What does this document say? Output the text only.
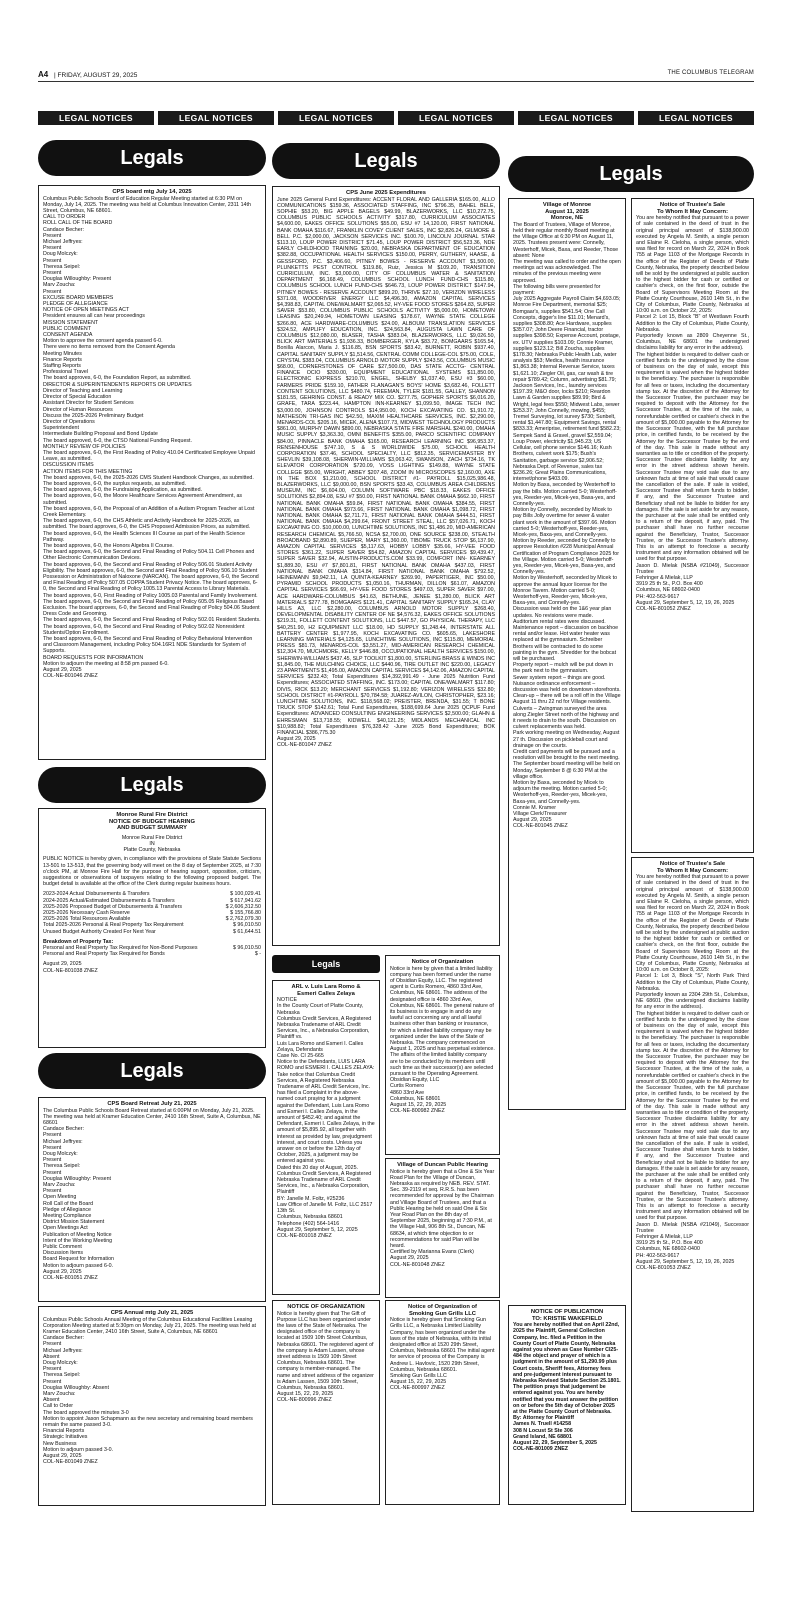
A4 | FRIDAY, AUGUST 29, 2025	THE COLUMBUS TELEGRAM
LEGAL NOTICES	LEGAL NOTICES	LEGAL NOTICES	LEGAL NOTICES	LEGAL NOTICES	LEGAL NOTICES
Legals	Legals
Legals
Legals
Legals
Legals
CPS board mtg July 14, 2025

Columbus Public Schools Board of Education Regular Meeting started at 6:30 PM on Monday, July 14, 2025. The meeting was held at Columbus Innovation Center, 2311 14th Street, Columbus, NE 68601.

CALL TO ORDER

ROLL CALL OF THE BOARD

Candace Becher:

Present

Michael Jeffryes:

Present

Doug Molczyk:

Present

Theresa Seipel:

Present

Douglas Willoughby: Present

Marv Zoucha:

Present

EXCUSE BOARD MEMBERS

PLEDGE OF ALLEGIANCE

NOTICE OF OPEN MEETINGS ACT

President ensures all can hear proceedings

MISSION STATEMENT

PUBLIC COMMENT

CONSENT AGENDA

Motion to approve the consent agenda passed 6-0.

There were no items removed from the Consent Agenda

Meeting Minutes

Finance Reports

Staffing Reports

Professional Travel

The board approves, 6-0, the Foundation Report, as submitted.

DIRECTOR & SUPERINTENDENTS REPORTS OR UPDATES

Director of Teaching and Learning

Director of Special Education

Assistant Director for Student Services

Director of Human Resources

Discuss the 2025-2026 Preliminary Budget

Director of Operations

Superintendent

Intermediate Building Proposal and Bond Update

The board approved, 6-0, the CTSO National Funding Request.

MONTHLY REVIEW OF POLICIES

The board approves, 6-0, the First Reading of Policy 410.04 Certificated Employee Unpaid Leave, as submitted.

DISCUSSION ITEMS

ACTION ITEMS FOR THIS MEETING

The board approves, 6-0, the 2025-2026 CMS Student Handbook Changes, as submitted.

The board approves, 6-0, the surplus requests, as submitted.

The board approves, 6-0, the Fundraising Application, as submitted.

The board approves, 6-0, the Moore Healthcare Services Agreement Amendment, as submitted.

The board approves, 6-0, the Proposal of an Addition of a Autism Program Teacher at Lost Creek Elementary.

The board approves, 6-0, the CHS Athletic and Activity Handbook for 2025-2026, as submitted. The board approves, 6-0, the CHS Proposed Admission Prices, as submitted.

The board approves, 6-0, the Health Sciences III Course as part of the Health Science Pathway.

The board approves, 6-0, the Honors Algebra II Course.

The board approves, 6-0, the Second and Final Reading of Policy 504.11 Cell Phones and Other Electronic Communication Devices.

The board approves, 6-0, the Second and Final Reading of Policy 506.01 Student Activity Eligibility. The board approves, 6-0, the Second and Final Reading of Policy 506.10 Student Possession or Administration of Naloxone (NARCAN). The board approves, 6-0, the Second and Final Reading of Policy 507.05 COPPA Student Privacy Notice. The board approves, 6-0, the Second and Final Reading of Policy 1005.13 Parental Access to Library Materials.

The board approves, 6-0, First Reading of Policy 1005.03 Parental and Family Involvement. The board approves, 6-0, the Second and Final Reading of Policy 605.05 Religious Based Exclusion. The board approves, 6-0, the Second and Final Reading of Policy 504.06 Student Dress Code and Grooming.

The board approves, 6-0, the Second and Final Reading of Policy 502.01 Resident Students.

The board approves, 6-0, the Second and Final Reading of Policy 502.02 Nonresident Students/Option Enrollment.

The board approves, 6-0, the Second and Final Reading of Policy Behavioral Intervention and Classroom Management, including Policy 504.16R1 NDE Standards for System of Supports.

BOARD REQUESTS FOR INFORMATION

Motion to adjourn the meeting at 8:58 pm passed 6-0.

August 29, 2025

COL-NE-801046 ZNEZ

Monroe Rural Fire District
NOTICE OF BUDGET HEARING
AND BUDGET SUMMARY

Monroe Rural Fire District
IN
Platte County, Nebraska

PUBLIC NOTICE is hereby given, in compliance with the provisions of State Statute Sections 13-501 to 13-513, that the governing body will meet on the 8 day of September 2025, at 7:30 o'clock PM, at Monroe Fire Hall for the purpose of hearing support, opposition, criticism, suggestions or observations of taxpayers relating to the following proposed budget. The budget detail is available at the office of the Clerk during regular business hours.

2023-2024 Actual Disbursements & Transfers	$ 100,029.41
2024-2025 Actual/Estimated Disbursements & Transfers	$ 617,941.62
2025-2026 Proposed Budget of Disbursements & Transfers	$ 2,606,312.50
2025-2026 Necessary Cash Reserve	$ 155,766.80
2025-2026 Total Resources Available	$ 2,762,079.30
Total 2025-2026 Personal & Real Property Tax Requirement	$ 96,010.50
Unused Budget Authority Created For Next Year	$ 61,644.51

Breakdown of Property Tax:

Personal and Real Property Tax Required for Non-Bond Purposes	$ 96,010.50
Personal and Real Property Tax Required for Bonds	$ -

August 29, 2025
COL-NE-801038 ZNEZ

CPS Board Retreat July 21, 2025

The Columbus Public Schools Board Retreat started at 6:00PM on Monday, July 21, 2025. The meeting was held at Kramer Education Center, 2410 16th Street, Suite A, Columbus, NE 68601
Candace Becher:
Present
Michael Jeffryes:
Present
Doug Molczyk:
Present
Theresa Seipel:
Present
Douglas Willoughby: Present
Marv Zoucha:
Present
Open Meeting
Roll Call of the Board
Pledge of Allegiance
Meeting Compliance
District Mission Statement
Open Meetings Act
Publication of Meeting Notice
Intent of the Working Meeting
Public Comment
Discussion Items
Board Request for Information
Motion to adjourn passed 6-0.
August 29, 2025
COL-NE-801051 ZNEZ

CPS Annual mtg July 21, 2025

Columbus Public Schools Annual Meeting of the Columbus Educational Facilities Leasing Corporation Meeting started at 5:30pm on Monday, July 21, 2025. The meeting was held at Kramer Education Center, 2410 16th Street, Suite A, Columbus, NE 68601
Candace Becher:
Present
Michael Jeffryes:
Absent
Doug Molczyk:
Present
Theresa Seipel:
Present
Douglas Willoughby: Absent
Marv Zoucha:
Absent
Call to Order
The board approved the minutes 3-0
Motion to appoint Jason Schapmann as the new secretary and remaining board members
remain the same passed 3-0.
Financial Reports
Strategic Initiatives
New Business
Motion to adjourn passed 3-0.
August 29, 2025
COL-NE-801049 ZNEZ

CPS June 2025 Expenditures

June 2025 General Fund Expenditures: ACCENT FLORAL AND GALLERIA $165.00, ALLO COMMUNICATIONS $159.36, ASSOCIATED STAFFING, INC $796.35, BAHEL BELE, SOPHIE $53.20, BIG APPLE BAGELS $49.99, BLAZERWORKS, LLC $10,272.75, COLUMBUS PUBLIC SCHOOLS ACTIVITY $317.80, CURRICULUM ASSOCIATES $4,600.00, EAKES OFFICE SOLUTIONS $55.00, ESU #7 14,120.00, FIRST NATIONAL BANK OMAHA $116.67, FRANKLIN COVEY CLIENT SALES, INC $2,826.24, GILMORE & BELL P.C. $2,000.00, JACKSON SERVICES INC. $100.70, LINCOLN JOURNAL STAR $113.10, LOUP POWER DISTRICT $71.45, LOUP POWER DISTRICT $56,523.36, NDE EARLY CHILDHOOD TRAINING $20.00, NEBRASKA DEPARTMENT OF EDUCATION $382.88, OCCUPATIONAL HEALTH SERVICES $150.00, PERRY, GUTHERY, HAASE, & GESSFORD, P.C. $3,406.60, PITNEY BOWES - RESERVE ACCOUNT $1,500.00, PLUNKETTS PEST CONTROL $119.86, Ruiz, Jessica M $109.20, TRANSITION CURRICULUM, INC. $3,000.00, CITY OF COLUMBUS WATER & SANITATION DEPARTMENT $6,168.49, COLUMBUS SCHOOL LUNCH FUND-CHS $115.80, COLUMBUS SCHOOL LUNCH FUND-CHS $646.73, LOUP POWER DISTRICT $147.94, PITNEY BOWES - RESERVE ACCOUNT $899.20, THRIVE $27.10, VERIZON WIRELESS $371.08, WOODRIVER ENERGY LLC $4,496.30, AMAZON CAPITAL SERVICES $4,398.83, CAPITAL ONE/WALMART $2,065.52, HY-VEE FOOD STORES $264.83, SUPER SAVER $53.80, COLUMBUS PUBLIC SCHOOLS ACTIVITY $5,000.00, HOMETOWN LEASING $20,249.94, HOMETOWN LEASING $178.67, WAYNE STATE COLLEGE $266.80, ACE HARDWARE-COLUMBUS $24.00, ALBOUM TRANSLATION SERVICES $324.52, AMPLIFY EDUCATION, INC. $24,563.84, AUGUSTA LAWN CARE OF COLUMBUS $12,080.00, BLASER, TASHA $383.04, BLAZERWORKS, LLC $9,026.50, BLICK ART MATERIALS $1,936.33, BOMBERGER, KYLA $83.72, BOMGAARS $165.54, Bonilla Alarcon, Maria J. $116.85, BSN SPORTS $83.42, BURNETT, ROBIN $937.40, CAPITAL SANITARY SUPPLY $1,514.56, CENTRAL COMM COLLEGE-COL $75.00, COLE, CRYSTAL $383.04, COLUMBUS ARNOLD MOTOR SUPPLY $243.56, COLUMBUS MUSIC $68.00, CORNERSTONES OF CARE $27,500.00, DAS STATE ACCTG- CENTRAL FINANCE OCIO $330.00, EQUIPMENT EDUCATIONAL SYSTEMS $11,850.00, ELECTRONIC EXPRESS $210.70, ENGEL, SHELBY $1,037.40, ESU #3 $60.00, FARMERS PRIDE $159.10, FATHER FLANAGAN'S BOYS' HOME $3,682.46, FOLLETT CONTENT SOLUTIONS, LLC $480.74, FREEMAN, TYLER $181.55, GALLEY, SHANNON $181.55, GEHRING CONST. & READY MIX CO. $277.75, GOPHER SPORTS $6,016.20, GRAFE, TARA $223.44, HAMPTON INN-KEARNEY $1,099.50, IMAGE TECH INC $3,000.00, JOHNSON CONTROLS $14,950.00, KOCH EXCAVATING CO. $1,910.72, MATHESON TRI-GAS INC $42.50, MAXIM HEALTHCARE SERVICES, INC. $2,290.00, MENARDS-COL $205.16, MICEK, ALENA $107.73, MIDWEST TECHNOLOGY PRODUCTS $861.00, MURPHY DAWN $890.00, NEBRASKA STATE FIRE MARSHAL $240.00, OMAHA MUSIC SUPPLY $3,363.30, OMNI BENEFITS $355.00, PARCO SCIENTIFIC COMPANY $84.00, PINNACLE BANK OMAHA $165.00, RESEARCH LEARNING INC $96,953.37, RENSENHOUSE $747.10, S & S WORLDWIDE $75.00, SCHOOL HEALTH CORPORATION $37.46, SCHOOL SPECIALTY, LLC $812.35, SERVICEMASTER BY SHEVLIN $39,108.08, SHERWIN-WILLIAMS $3,063.42, SWANSON, ZACH $734.16, TK ELEVATOR CORPORATION $720.09, VOSS LIGHTING $149.88, WAYNE STATE COLLEGE $65.00, WRIGHT, ABBEY $207.48, ZOOM IN MICROSCOPES $2,160.00, AXE IN THE BOX $1,210.00, SCHOOL DISTRICT #1- PAYROLL $15,025,986.48, BLAZERWORKS, LLC $9,000.00, BSN SPORTS $33.43, COLUMBUS AREA CHILDRENS MUSEUM, INC $6,604.00, COLUMN SOFTWARE PBC $18.33, EAKES OFFICE SOLUTIONS $2,894.08, ESU #7 $50.00, FIRST NATIONAL BANK OMAHA $662.10, FIRST NATIONAL BANK OMAHA $59.84, FIRST NATIONAL BANK OMAHA $384.55, FIRST NATIONAL BANK OMAHA $973.66, FIRST NATIONAL BANK OMAHA $1,098.72, FIRST NATIONAL BANK OMAHA $2,711.71, FIRST NATIONAL BANK OMAHA $444.51, FIRST NATIONAL BANK OMAHA $4,299.64, FRONT STREET STEAL, LLC $57,026.71, KOCH EXCAVATING CO. $10,000.00, LUNCHTIME SOLUTIONS, INC $1,486.20, MID-AMERICAN RESEARCH CHEMICAL $5,766.50, NCSA $2,700.00, ONE SOURCE $238.00, STEALTH BROADBAND $2,890.89, SUEPER, MARY $1,360.00, TIBOME TRUCK STOP $6,137.90, AMAZON CAPITAL SERVICES $5,117.63, HOBBY LOBBY $35.66, HY-VEE FOOD STORES $361.22, SUPER SAVER $54.82, AMAZON CAPITAL SERVICES $9,439.47, SUPER SAVER $32.94, AUSTIN-PRODUCTS.COM $33.99, COMFORT INN- KEARNEY $1,889.30, ESU #7 $7,801.81, FIRST NATIONAL BANK OMAHA $437.03, FIRST NATIONAL BANK OMAHA $314.84, FIRST NATIONAL BANK OMAHA $792.52, HEINEMANN $9,942.11, LA QUINTA-KEARNEY $269.90, PAPERTIGER, INC $50.00, PYRAMID SCHOOL PRODUCTS $1,050.16, THURMAN, DILLON $61.07, AMAZON CAPITAL SERVICES $66.69, HY-VEE FOOD STORES $497.03, SUPER SAVER $97.00, ACE HARDWARE-COLUMBUS $41.63, BETHUNE, JENEE $1,280.00, BLICK ART MATERIALS $277.78, BOMGAARS $121.41, CAPITAL SANITARY SUPPLY $165.24, CLAY HILLS A3, LLC $2,280.00, COLUMBUS ARNOLD MOTOR SUPPLY $268.40, DEVELOPMENTAL DISABILITY CENTER OF NE $4,576.32, EAKES OFFICE SOLUTIONS $219.31, FOLLETT CONTENT SOLUTIONS, LLC $447.57, GO PHYSICAL THERAPY, LLC $40,251.90, H2 EQUIPMENT LLC $18.00, HD SUPPLY $1,248.44, INTERSTATE ALL BATTERY CENTER $1,977.95, KOCH EXCAVATING CO. $605.65, LAKESHORE LEARNING MATERIALS $4,125.65, LUNCHTIME SOLUTIONS, INC $115.80, MEMORIAL PRESS $81.73, MENARDS-COL $3,551.27, MID-AMERICAN RESEARCH CHEMICAL $12,304.70, MUCHMORE, KELLY $446.88, OCCUPATIONAL HEALTH SERVICES $150.00, SHERWIN-WILLIAMS $437.45, SLP TOOLKIT $1,800.00, STERLING BRASS & WINDS INC $1,845.00, THE MULCHING CHOICE, LLC $440.96, TIRE OUTLET INC $220.00, LEGACY 23 APARTMENTS $1,495.00, AMAZON CAPITAL SERVICES $4,142.06, AMAZON CAPITAL SERVICES $232.43; Total Expenditures $14,392,991.49 - June 2025 Nutrition Fund Expenditures; ASSOCIATED STAFFING, INC. $173.00; CAPITAL ONE/WALMART $117.80; DIVIS, RICK $13.20; MERCHANT SERVICES $1,192.80; VERIZON WIRELESS $32.80; SCHOOL DISTRICT #1-PAYROLL $70,784.58; JUAREZ-AVILON, CHRISTOPHER, $23.16; LUNCHTIME SOLUTIONS, INC. $118,568.02; PREISTER, BRENDA, $31.55; T BONE TRUCK STOP $142.61; Total Fund Expenditures, $188,699.64 June 2025 QCPUF Fund Expenditures: ADVANCED CONSULTING ENGINEERING SERVICES $2,500.00; GLAHN & EHRESMAN $13,718.55; KIDWELL $40,121.25; MIDLANDS MECHANICAL INC $10,988.82; Total Expenditures $76,328.42 -June 2025 Bond Expenditures; BOK FINANCIAL $386,775.30
August 29, 2025
COL-NE-801047 ZNEZ

ARL v. Luis Lara Romo &
Esmeri Calles Zelaya

NOTICE
In the County Court of Platte County, Nebraska
Columbus Credit Services, A Registered Nebraska Tradename of ARL Credit Services, Inc., a Nebraska Corporation, Plaintiff vs.
Luis Lara Romo and Esmeri I. Calles Zelaya, Defendants
Case No. CI 25-665
Notice to the Defendants, LUIS LARA ROMO and ESMERI I. CALLES ZELAYA:
Take notice that Columbus Credit Services, A Registered Nebraska Tradename of ARL Credit Services, Inc. has filed a Complaint in the above- named court praying for a judgment against the Defendant, Luis Lara Romo and Esmeri I. Calles Zelaya, in the amount of $452.40; and against the Defendant, Esmeri I. Calles Zelaya, in the amount of $5,895.92, all together with interest as provided by law, prejudgment interest, and court costs. Unless you answer on or before the 12th day of October, 2025, a judgment may be entered against you.
Dated this 20 day of August, 2025.
Columbus Credit Services, A Registered Nebraska Tradename of ARL Credit Services, Inc., a Nebraska Corporation, Plaintiff
BY: Janelle M. Foltz, #25236
Law Office of Janelle M. Foltz, LLC 2517 13th St.
Columbus, Nebraska 68601
Telephone (402) 564-1416
August 29, September 5, 12, 2025
COL-NE-801018 ZNEZ

NOTICE OF ORGANIZATION

Notice is hereby given that The Gift of Purpose LLC has been organized under the laws of the State of Nebraska. The designated office of the company is located at 1509 10th Street Columbus, Nebraska 68601. The registered agent of the company is Adam Lassen, whose street address is 1509 10th Street Columbus, Nebraska 68601. The company is member-managed. The name and street address of the organizer is Adam Lassen, 1509 10th Street, Columbus, Nebraska 68601.
August 15, 22, 29, 2025
COL-NE-800996 ZNEZ

Notice of Organization

Notice is here by given that a limited liability company has been formed under the name of Obsidian Equity, LLC. The registered agent is Curtis Romero, 4860 33rd Ave, Columbus, NE 68601. The address of the designated office is 4860 33rd Ave, Columbus, NE 68601. The general nature of its business is to engage in and do any lawful act concerning any and all lawful business other than banking or insurance, for which a limited liability company may be organized under the laws of the State of Nebraska. The company commenced on August 1, 2025 and has perpetual existence. The affairs of the limited liability company are to be conducted by its members until such time as their successor(s) are selected pursuant to the Operating Agreement.
Obsidian Equity, LLC
Curtis Romero
4860 33rd Ave
Columbus, NE 68601
August 15, 22, 29, 2025
COL-NE-800982 ZNEZ

Village of Duncan Public Hearing

Notice is hereby given that a One & Six Year Road Plan for the Village of Duncan, Nebraska as required by NEB. REV. STAT. Sec. 39-2119 et seq. R.R.S. has been recommended for approval by the Chairman and Village Board of Trustees, and that a Public Hearing be held on said One & Six Year Road Plan on the 8th day of September 2025, beginning at 7:30 P.M., at the Village Hall, 906 8th St., Duncan, NE 68634, at which time objection to or recommendations for said Plan will be heard.
Certified by Marianna Evans (Clerk)
August 29, 2025
COL-NE-801048 ZNEZ

Notice of Organization of
Smoking Gun Grills LLC

Notice is hereby given that Smoking Gun Grills LLC, a Nebraska Limited Liability Company, has been organized under the laws of the state of Nebraska, with its initial designated office at 1520 29th Street, Columbus, Nebraska 68601 The initial agent for service of process of the Company is Andrew L. Havlovic, 1520 29th Street, Columbus, Nebraska 68601.
Smoking Gun Grills LLC
August 15, 22, 29, 2025
COL-NE-800997 ZNEZ

Village of Monroe
August 11, 2025
Monroe, NE

The Board of Trustees, Village of Monroe, held their regular monthly Board meeting at the Village Office at 6:30 PM on August 11, 2025. Trustees present were: Connelly, Westerhoff, Micek, Baxa, and Reeder, Those absent: None
The meeting was called to order and the open meetings act was acknowledged. The minutes of the previous meeting were approved.
The following bills were presented for payment:
July 2025 Aggregate Payroll Claim $4,693.05; Monroe Fire Department, memorial $25; Bomgaar's, supplies $541.54; One Call Concepts, digger's line $11.01; Menard's, supplies $308.80; Ace Hardware, supplies $357.07; John Deere Financial, tractor supplies $398.50; Expense Account, postage, ex. UTV supplies $103.09; Connie Kramer, supplies $123.12; Bill Zoucha, supplies $178.30; Nebraska Public Health Lab, water analysis $53; Medica, health insurance $1,863.38; Internal Revenue Service, taxes $1,621.10; Ziegler Oil, gas, car wash & tire repair $789.42; Column, advertising $81.79; Jackson Services, Inc., laundry services $197.39; M&O door, locks $210; Reardon Lawn & Garden supplies $89.99; Bird & Wright, legal fees $550; Midwest Labs, sewer $253.37; John Connelly, mowing, $455; Tremel Surveying, lot survey $730; Sunbelt, rental $1,447.80; Equipment Savings, rental $833.33; Ameriprise, retirement fund $582.23; Sempek Sand & Gravel, gravel $2,559.04; Loup Power, electricity $1,945.23; US Cellular, cell phone service $146.16; Kush Brothers, culvert work $175; Bush's Sanitation, garbage service $2,906.52; Nebraska Dept. of Revenue, sales tax $236.26; Great Plains Communications, internet/phone $403.09.
Motion by Baxa, seconded by Westerhoff to pay the bills. Motion carried 5-0; Westerhoff-yes, Reeder-yes, Micek-yes, Baxa-yes, and Connelly-yes.
Motion by Connelly, seconded by Micek to pay Bills Jolly overtime for sewer & water plant work in the amount of $397.66. Motion carried 5-0; Westerhoff-yes, Reeder-yes, Micek-yes, Baxa-yes, and Connelly-yes.
Motion by Reeder, seconded by Connelly to approve Resolution #228 Municipal Annual Certification of Program Compliance 2025 for the Village. Motion carried 5-0; Westerhoff-yes, Reeder-yes, Micek-yes, Baxa-yes, and Connelly-yes.
Motion by Westerhoff, seconded by Micek to approve the annual liquor license for the Monroe Tavern. Motion carried 5-0; Westerhoff-yes, Reeder-yes, Micek-yes, Baxa-yes, and Connelly-yes.
Discussion was held on the 1&6 year plan updates. No revisions were made.
Auditorium rental rates were discussed.
Maintenance report – discussion on backhoe rental and/or lease. Hot water heater was replaced at the gymnasium. Schreiber Brothers will be contracted to do some painting in the gym. Shredder for the bobcat will be purchased.
Property report – mulch will be put down in the park next to the gymnasium.
Sewer system report – things are good.
Nuisance ordinance enforcement – discussion was held on downtown storefronts. Clean-up – there will be a roll off in the Village August 11 thru 22 nd for Village residents.
Culverts – Zwingman surveyed the area along Ziegler Street north of the highway and it needs to drain to the south. Discussion on culvert replacements was held.
Park working meeting on Wednesday, August 27 th. Discussion on pickleball court and drainage on the courts.
Credit card payments will be pursued and a resolution will be brought to the next meeting.
The September board meeting will be held on Monday, September 8 @ 6:30 PM at the village office.
Motion by Baxa, seconded by Micek to adjourn the meeting. Motion carried 5-0; Westerhoff-yes, Reeder-yes, Micek-yes, Baxa-yes, and Connelly-yes.
Connie M. Kramer
Village Clerk/Treasurer
August 29, 2025
COL-NE-801045 ZNEZ

NOTICE OF PUBLICATION
TO: KRISTIE WAKEFIELD

You are hereby notified that on April 22nd, 2025 the Plaintiff, General Collection Company, Inc. filed a Petition in the County Court of Platte County, Nebraska against you shown as Case Number CI25-484 the object and prayer of which is a judgment in the amount of $1,290.99 plus Court costs, Sheriff fees, Attorney fees and pre-judgement interest pursuant to Nebraska Revised Statute Section 25.1801.
The petition prays that judgement be entered against you. You are hereby notified that you must answer the petition on or before the 5th day of October 2025 at the Platte County Court of Nebraska.
By: Attorney for Plaintiff
James N. Truell #14258
308 N Locust St Ste 306
Grand Island, NE 68801
August 22, 29, September 5, 2025
COL-NE-801009 ZNEZ

Notice of Trustee's Sale
To Whom It May Concern:

You are hereby notified that pursuant to a power of sale contained in the deed of trust in the original principal amount of $138,900.00 executed by Angela M. Smith, a single person and Elaine R. Cieloha, a single person, which was filed for record on March 22, 2024 in Book 755 at Page 1103 of the Mortgage Records in the office of the Register of Deeds of Platte County, Nebraska, the property described below will be sold by the undersigned at public auction to the highest bidder for cash or certified or cashier's check, on the first floor, outside the Board of Supervisors Meeting Room at the Platte County Courthouse, 2610 14th St., in the City of Columbus, Platte County, Nebraska at 10:00 a.m. on October 22, 2025:
Parcel 2: Lot 15, Block "B" of Westlawn Fourth Addition to the City of Columbus, Platte County, Nebraska.
Purportedly known as 2809 Cheyenne St., Columbus, NE 68601 the undersigned disclaims liability for any error in the address).
The highest bidder is required to deliver cash or certified funds to the undersigned by the close of business on the day of sale, except this requirement is waived when the highest bidder is the beneficiary. The purchaser is responsible for all fees or taxes, including the documentary stamp tax. At the discretion of the Attorney for the Successor Trustee, the purchaser may be required to deposit with the Attorney for the Successor Trustee, at the time of the sale, a nonrefundable certified or cashier's check in the amount of $5,000.00 payable to the Attorney for the Successor Trustee, with the full purchase price, in certified funds, to be received by the Attorney for the Successor Trustee by the end of the day. This sale is made without any warranties as to title or condition of the property. Successor Trustee disclaims liability for any error in the street address shown herein. Successor Trustee may void sale due to any unknown facts at time of sale that would cause the cancellation of the sale. If sale is voided, Successor Trustee shall return funds to bidder, if any, and the Successor Trustee and Beneficiary shall not be liable to bidder for any damages. If the sale is set aside for any reason, the purchaser at the sale shall be entitled only to a return of the deposit, if any, paid. The purchaser shall have no further recourse against the Beneficiary, Trustor, Successor Trustee, or the Successor Trustee's attorney. This is an attempt to foreclose a security instrument and any information obtained will be used for that purpose.
Jason D. Mielak (NSBA #21049), Successor Trustee
Fehringer & Mielak, LLP
3919 25 th St., P.O. Box 400
Columbus, NE 68602-0400
PH: 402-563-9617
August 29, September 5, 12, 19, 26, 2025
COL-NE-801052 ZNEZ

Notice of Trustee's Sale
To Whom It May Concern:

You are hereby notified that pursuant to a power of sale contained in the deed of trust in the original principal amount of $138,900.00 executed by Angela M. Smith, a single person and Elaine R. Cieloha, a single person, which was filed for record on March 22, 2024 in Book 755 at Page 1103 of the Mortgage Records in the office of the Register of Deeds of Platte County, Nebraska, the property described below will be sold by the undersigned at public auction to the highest bidder for cash or certified or cashier's check, on the first floor, outside the Board of Supervisors Meeting Room at the Platte County Courthouse, 2610 14th St., in the City of Columbus, Platte County, Nebraska at 10:00 a.m. on October 8, 2025:
Parcel 1: Lot 3, Block "S", North Park Third Addition to the City of Columbus, Platte County, Nebraska.
Purportedly known as 2304 29th St., Columbus, NE 68601 (the undersigned disclaims liability for any error in the address).
The highest bidder is required to deliver cash or certified funds to the undersigned by the close of business on the day of sale, except this requirement is waived when the highest bidder is the beneficiary. The purchaser is responsible for all fees or taxes, including the documentary stamp tax. At the discretion of the Attorney for the Successor Trustee, the purchaser may be required to deposit with the Attorney for the Successor Trustee, at the time of the sale, a nonrefundable certified or cashier's check in the amount of $5,000.00 payable to the Attorney for the Successor Trustee, with the full purchase price, in certified funds, to be received by the Attorney for the Successor Trustee by the end of the day. This sale is made without any warranties as to title or condition of the property. Successor Trustee disclaims liability for any error in the street address shown herein. Successor Trustee may void sale due to any unknown facts at time of sale that would cause the cancellation of the sale. If sale is voided, Successor Trustee shall return funds to bidder, if any, and the Successor Trustee and Beneficiary shall not be liable to bidder for any damages. If the sale is set aside for any reason, the purchaser at the sale shall be entitled only to a return of the deposit, if any, paid. The purchaser shall have no further recourse against the Beneficiary, Trustor, Successor Trustee, or the Successor Trustee's attorney. This is an attempt to foreclose a security instrument and any information obtained will be used for that purpose.
Jason D. Mielak (NSBA #21049), Successor Trustee
Fehringer & Mielak, LLP
3919 25 th St., P.O. Box 400
Columbus, NE 68602-0400
PH: 402-563-9617
August 29, September 5, 12, 19, 26, 2025
COL-NE-801053 ZNEZ
